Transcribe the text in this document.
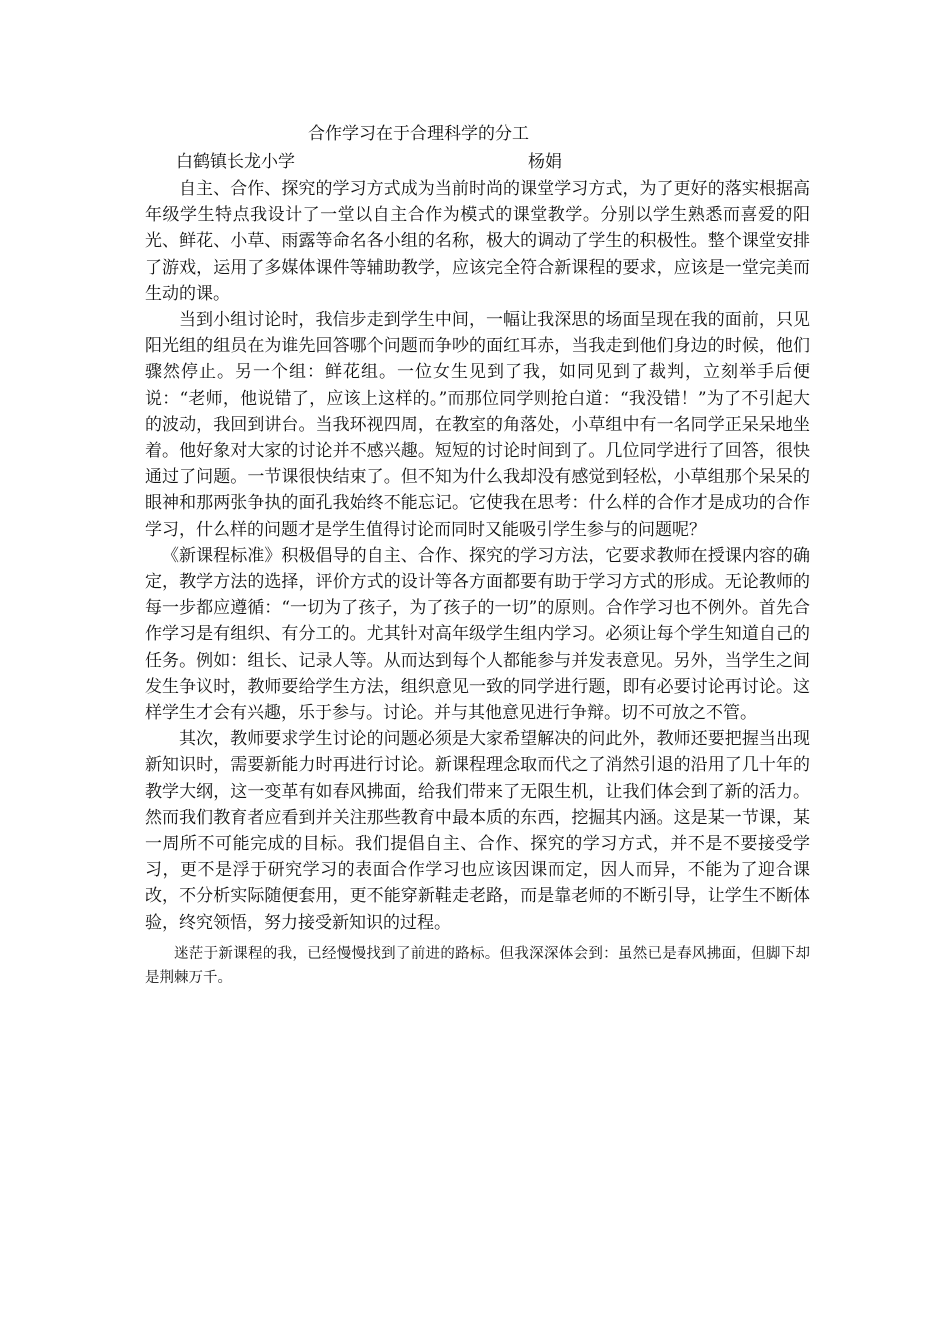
合作学习在于合理科学的分工
白鹤镇长龙小学	杨娟

自主、合作、探究的学习方式成为当前时尚的课堂学习方式，为了更好的落实根据高年级学生特点我设计了一堂以自主合作为模式的课堂教学。分别以学生熟悉而喜爱的阳光、鲜花、小草、雨露等命名各小组的名称，极大的调动了学生的积极性。整个课堂安排了游戏，运用了多媒体课件等辅助教学，应该完全符合新课程的要求，应该是一堂完美而生动的课。

当到小组讨论时，我信步走到学生中间，一幅让我深思的场面呈现在我的面前，只见阳光组的组员在为谁先回答哪个问题而争吵的面红耳赤，当我走到他们身边的时候，他们骤然停止。另一个组：鲜花组。一位女生见到了我，如同见到了裁判，立刻举手后便说：“老师，他说错了，应该上这样的。”而那位同学则抢白道：“我没错！”为了不引起大的波动，我回到讲台。当我环视四周，在教室的角落处，小草组中有一名同学正呆呆地坐着。他好象对大家的讨论并不感兴趣。短短的讨论时间到了。几位同学进行了回答，很快通过了问题。一节课很快结束了。但不知为什么我却没有感觉到轻松，小草组那个呆呆的眼神和那两张争执的面孔我始终不能忘记。它使我在思考：什么样的合作才是成功的合作学习，什么样的问题才是学生值得讨论而同时又能吸引学生参与的问题呢？

《新课程标准》积极倡导的自主、合作、探究的学习方法，它要求教师在授课内容的确定，教学方法的选择，评价方式的设计等各方面都要有助于学习方式的形成。无论教师的每一步都应遵循：“一切为了孩子，为了孩子的一切”的原则。合作学习也不例外。首先合作学习是有组织、有分工的。尤其针对高年级学生组内学习。必须让每个学生知道自己的任务。例如：组长、记录人等。从而达到每个人都能参与并发表意见。另外，当学生之间发生争议时，教师要给学生方法，组织意见一致的同学进行题，即有必要讨论再讨论。这样学生才会有兴趣，乐于参与。讨论。并与其他意见进行争辩。切不可放之不管。

其次，教师要求学生讨论的问题必须是大家希望解决的问此外，教师还要把握当出现新知识时，需要新能力时再进行讨论。新课程理念取而代之了消然引退的沿用了几十年的教学大纲，这一变革有如春风拂面，给我们带来了无限生机，让我们体会到了新的活力。然而我们教育者应看到并关注那些教育中最本质的东西，挖掘其内涵。这是某一节课，某一周所不可能完成的目标。我们提倡自主、合作、探究的学习方式，并不是不要接受学习，更不是浮于研究学习的表面合作学习也应该因课而定，因人而异，不能为了迎合课改，不分析实际随便套用，更不能穿新鞋走老路，而是靠老师的不断引导，让学生不断体验，终究领悟，努力接受新知识的过程。

迷茫于新课程的我，已经慢慢找到了前进的路标。但我深深体会到：虽然已是春风拂面，但脚下却是荆棘万千。
